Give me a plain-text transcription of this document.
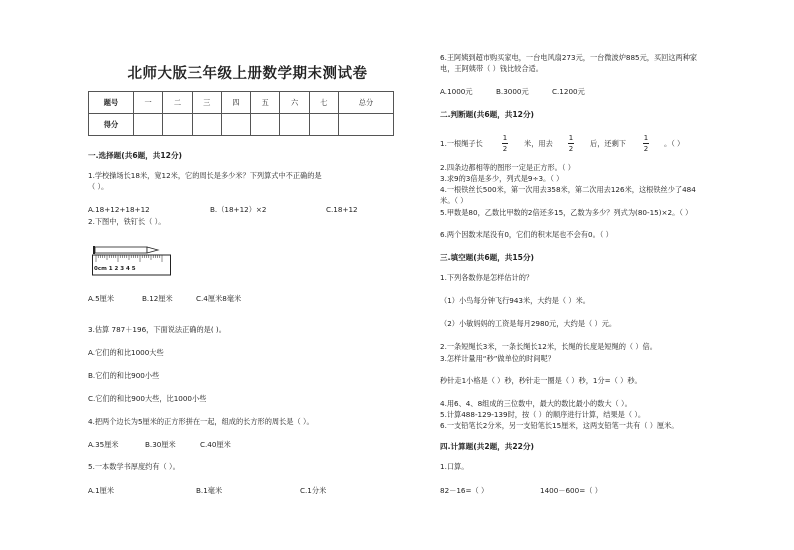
北师大版三年级上册数学期末测试卷
题号	一	二	三	四	五	六	七	总分
得分								
一.选择题(共6题，共12分)
1.学校操场长18米，宽12米，它的周长是多少米？下列算式中不正确的是
（ ）。
A.18+12+18+12	B.（18+12）×2	C.18+12
2.下图中，铁钉长（ ）。
0cm 1 2 3 4 5
A.5厘米	B.12厘米	C.4厘米8毫米
3.估算 787＋196，下面说法正确的是( )。
A.它们的和比1000大些
B.它们的和比900小些
C.它们的和比900大些，比1000小些
4.把两个边长为5厘米的正方形拼在一起，组成的长方形的周长是（ ）。
A.35厘米	B.30厘米	C.40厘米
5.一本数学书厚度约有（ ）。
A.1厘米	B.1毫米	C.1分米
6.王阿姨到超市购买家电，一台电风扇273元，一台微波炉885元，买回这两种家
电，王阿姨带（ ）钱比较合适。
A.1000元	B.3000元	C.1200元
二.判断题(共6题，共12分)
1.一根绳子长
1
2
米，用去
1
2
后，还剩下
1
2
。（ ）
2.四条边都相等的图形一定是正方形。（ ）
3.求9的3倍是多少，列式是9÷3。（ ）
4.一根铁丝长500米，第一次用去358米，第二次用去126米，这根铁丝少了484
米。（ ）
5.甲数是80，乙数比甲数的2倍还多15，乙数为多少？列式为(80-15)×2。（ ）
6.两个因数末尾没有0，它们的积末尾也不会有0。（ ）
三.填空题(共6题，共15分)
1.下列各数你是怎样估计的？
（1）小鸟每分钟飞行943米，大约是（ ）米。
（2）小敏妈妈的工资是每月2980元，大约是（ ）元。
2.一条短绳长3米，一条长绳长12米，长绳的长度是短绳的（ ）倍。
3.怎样计量用“秒”做单位的时间呢？
秒针走1小格是（ ）秒，秒针走一圈是（ ）秒，1分=（ ）秒。
4.用6、4、8组成的三位数中，最大的数比最小的数大（ ）。
5.计算488-129-139时，按（ ）的顺序进行计算，结果是（ ）。
6.一支铅笔长2分米，另一支铅笔长15厘米，这两支铅笔一共有（ ）厘米。
四.计算题(共2题，共22分)
1.口算。
82－16=（ ）	1400－600=（ ）
